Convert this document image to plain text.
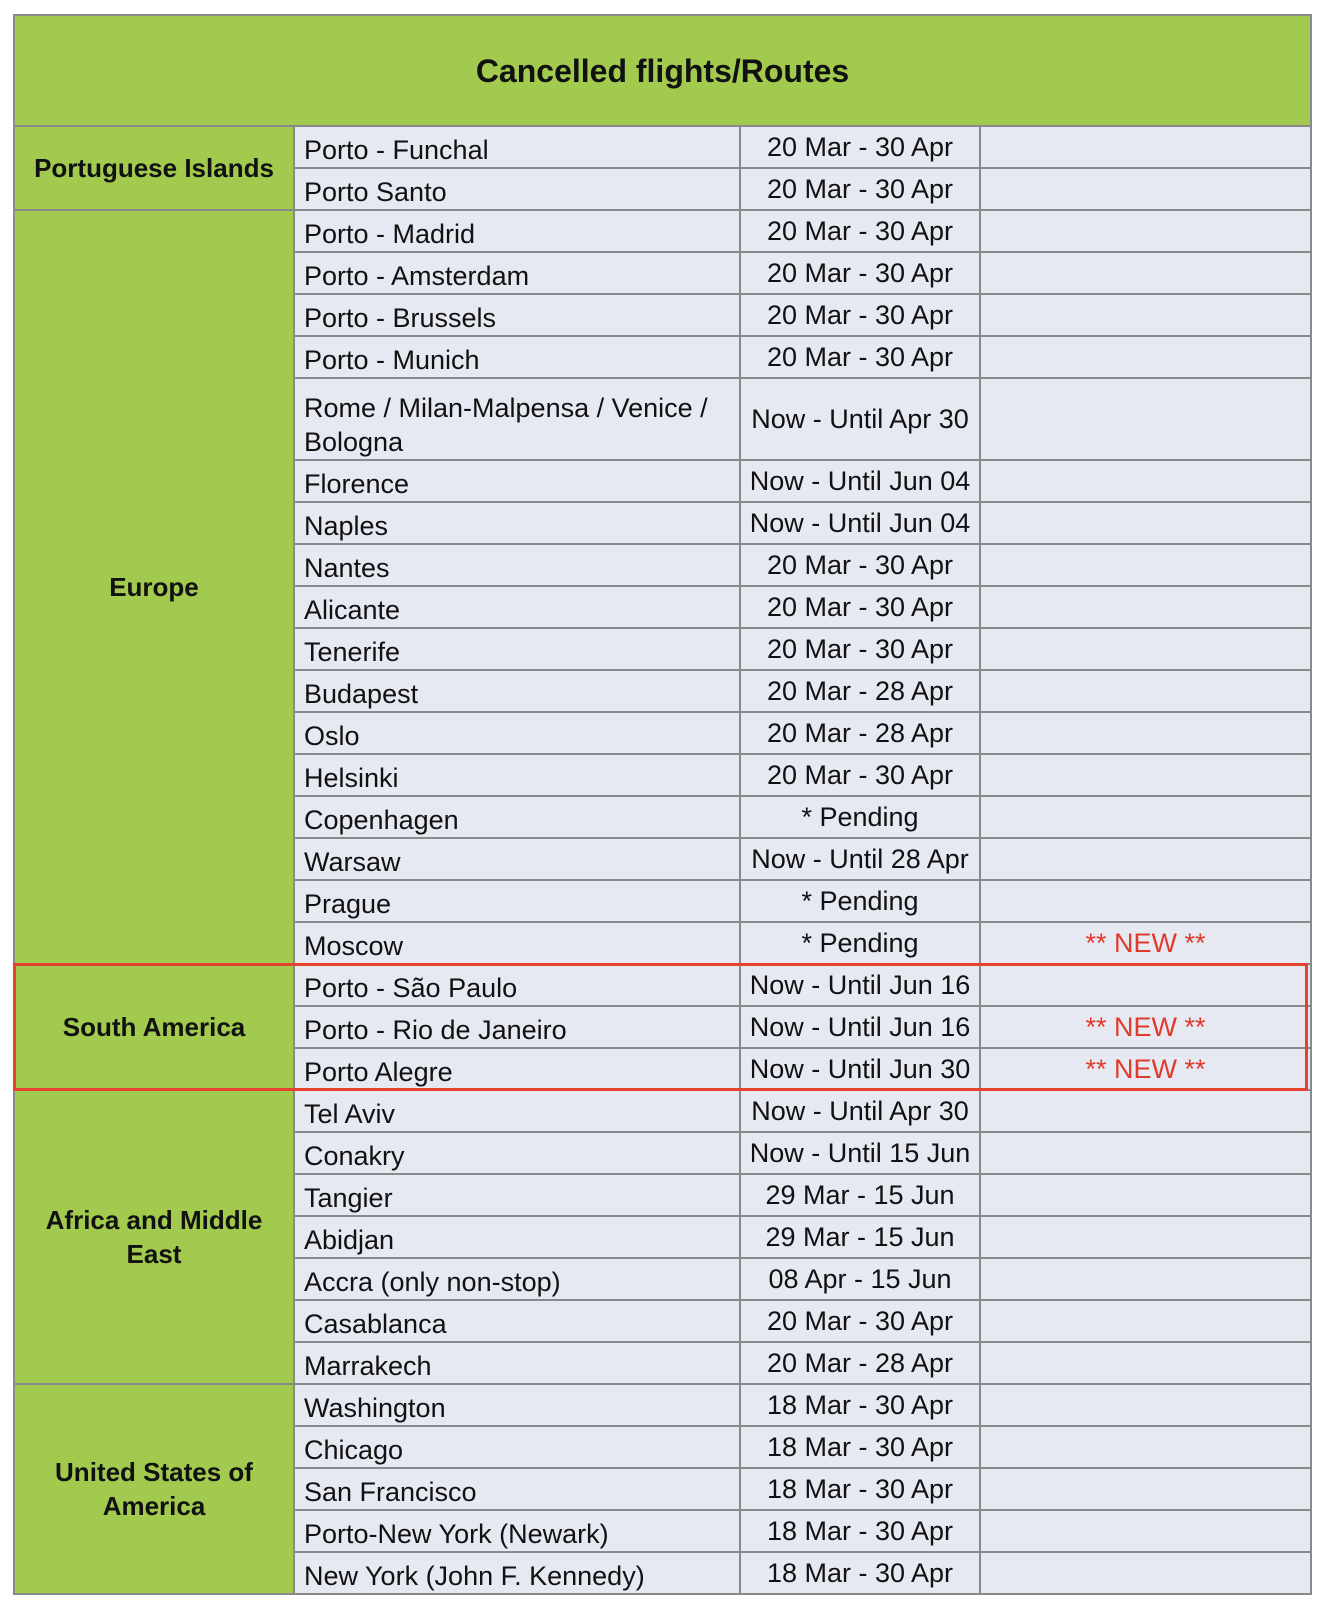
Cancelled flights/Routes			
Portuguese Islands	Porto - Funchal	20 Mar - 30 Apr	
	Porto Santo	20 Mar - 30 Apr	
Europe	Porto - Madrid	20 Mar - 30 Apr	
	Porto - Amsterdam	20 Mar - 30 Apr	
	Porto - Brussels	20 Mar - 30 Apr	
	Porto - Munich	20 Mar - 30 Apr	
	Rome / Milan-Malpensa / Venice / Bologna	Now - Until Apr 30	
	Florence	Now - Until Jun 04	
	Naples	Now - Until Jun 04	
	Nantes	20 Mar - 30 Apr	
	Alicante	20 Mar - 30 Apr	
	Tenerife	20 Mar - 30 Apr	
	Budapest	20 Mar - 28 Apr	
	Oslo	20 Mar - 28 Apr	
	Helsinki	20 Mar - 30 Apr	
	Copenhagen	* Pending	
	Warsaw	Now - Until 28 Apr	
	Prague	* Pending	
	Moscow	* Pending	** NEW **
South America	Porto - São Paulo	Now - Until Jun 16	
	Porto - Rio de Janeiro	Now - Until Jun 16	** NEW **
	Porto Alegre	Now - Until Jun 30	** NEW **
Africa and Middle East	Tel Aviv	Now - Until Apr 30	
	Conakry	Now - Until 15 Jun	
	Tangier	29 Mar - 15 Jun	
	Abidjan	29 Mar - 15 Jun	
	Accra (only non-stop)	08 Apr - 15 Jun	
	Casablanca	20 Mar - 30 Apr	
	Marrakech	20 Mar - 28 Apr	
United States of America	Washington	18 Mar - 30 Apr	
	Chicago	18 Mar - 30 Apr	
	San Francisco	18 Mar - 30 Apr	
	Porto-New York (Newark)	18 Mar - 30 Apr	
	New York (John F. Kennedy)	18 Mar - 30 Apr	
